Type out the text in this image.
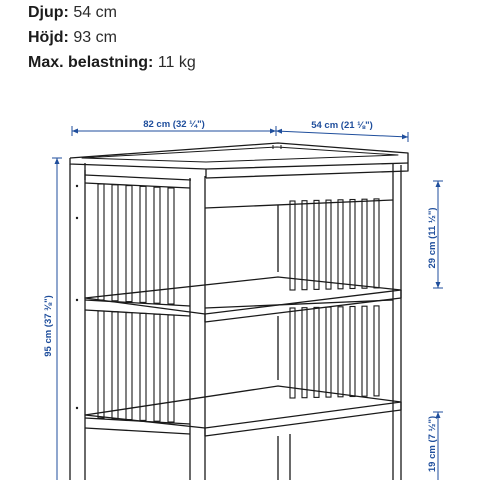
Djup: 54 cm
Höjd: 93 cm
Max. belastning: 11 kg
82 cm (32 ¼")	54 cm (21 ⅛")
95 cm (37 ⅜")
29 cm (11 ½")
19 cm (7 ½")
